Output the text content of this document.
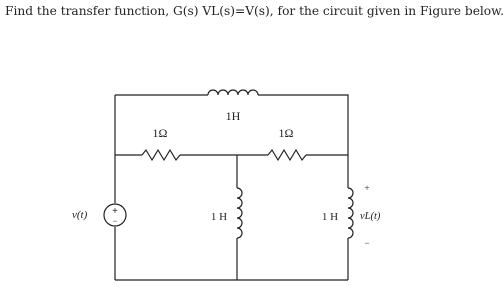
Find the transfer function, G(s) VL(s)=V(s), for the circuit given in Figure below.
1H
1Ω	1Ω
1 H	1 H
v(t) +
−
+
vL(t)
−
